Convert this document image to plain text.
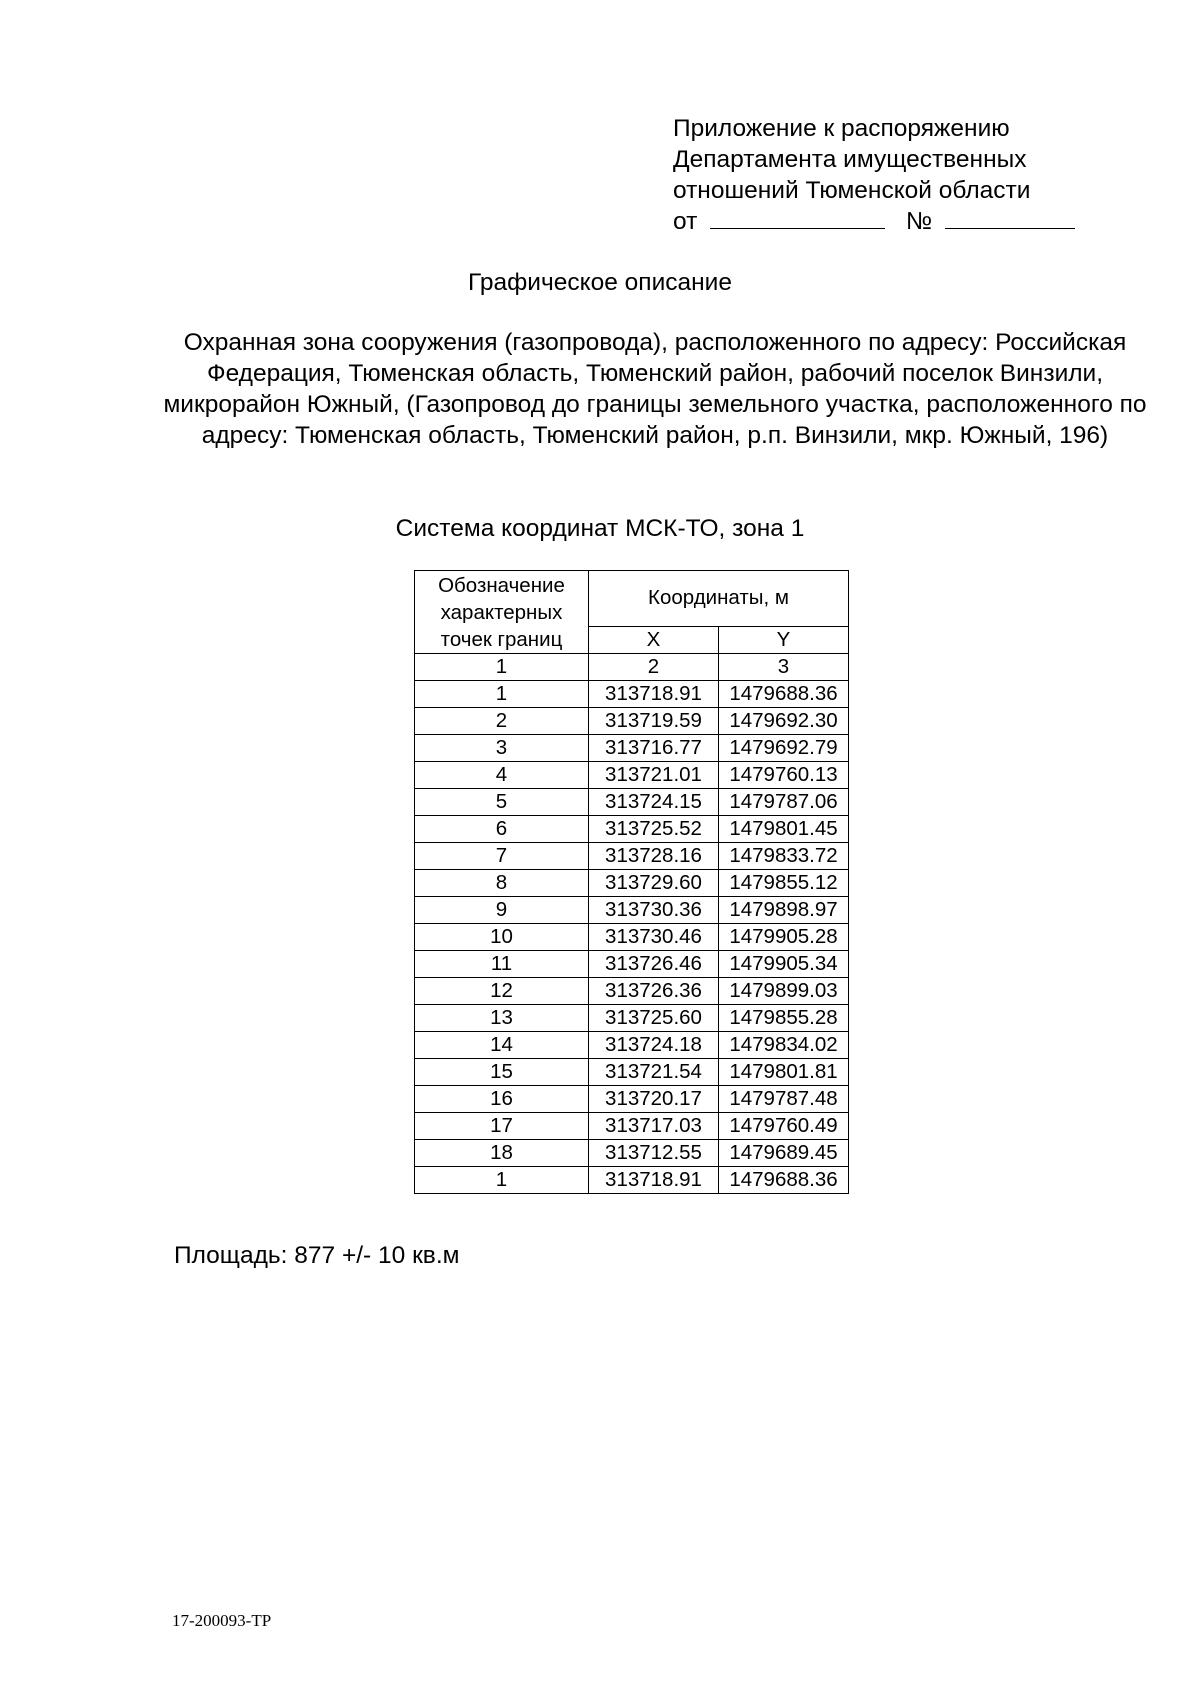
Приложение к распоряжению
Департамента имущественных
отношений Тюменской области
от	№
Графическое описание
Охранная зона сооружения (газопровода), расположенного по адресу: Российская Федерация, Тюменская область, Тюменский район, рабочий поселок Винзили, микрорайон Южный, (Газопровод до границы земельного участка, расположенного по адресу: Тюменская область, Тюменский район, р.п. Винзили, мкр. Южный, 196)
Система координат МСК-ТО, зона 1
Обозначение характерных точек границ	Координаты, м	
	X	Y
1	2	3
1	313718.91	1479688.36
2	313719.59	1479692.30
3	313716.77	1479692.79
4	313721.01	1479760.13
5	313724.15	1479787.06
6	313725.52	1479801.45
7	313728.16	1479833.72
8	313729.60	1479855.12
9	313730.36	1479898.97
10	313730.46	1479905.28
11	313726.46	1479905.34
12	313726.36	1479899.03
13	313725.60	1479855.28
14	313724.18	1479834.02
15	313721.54	1479801.81
16	313720.17	1479787.48
17	313717.03	1479760.49
18	313712.55	1479689.45
1	313718.91	1479688.36
Площадь: 877 +/- 10 кв.м
17-200093-ТР
